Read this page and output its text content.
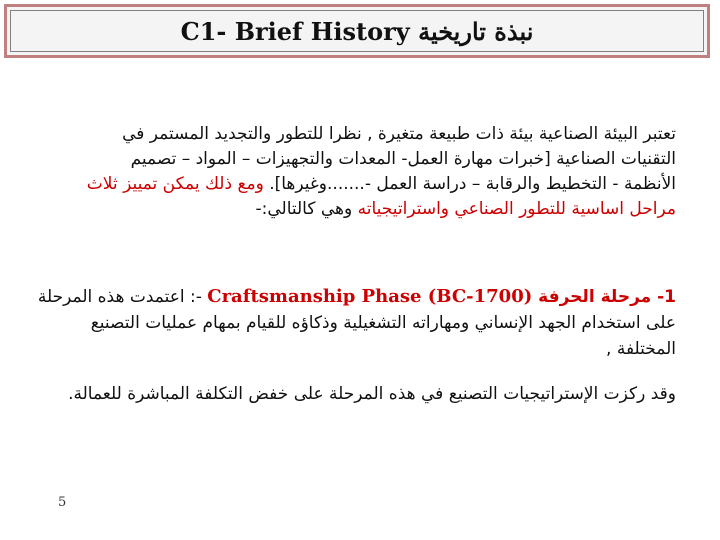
C1- Brief History نبذة تاريخية
تعتبر البيئة الصناعية بيئة ذات طبيعة متغيرة , نظرا للتطور والتجديد المستمر في
التقنيات الصناعية [خبرات مهارة العمل- المعدات والتجهيزات – المواد – تصميم
الأنظمة - التخطيط والرقابة – دراسة العمل -.......وغيرها]. ومع ذلك يمكن تمييز ثلاث
مراحل اساسية للتطور الصناعي واستراتيجياته وهي كالتالي:-
1- مرحلة الحرفة (Craftsmanship Phase (BC-1700 -: اعتمدت هذه المرحلة
على استخدام الجهد الإنساني ومهاراته التشغيلية وذكاؤه للقيام بمهام عمليات التصنيع
المختلفة ,
وقد ركزت الإستراتيجيات التصنيع في هذه المرحلة على خفض التكلفة المباشرة للعمالة.
5
